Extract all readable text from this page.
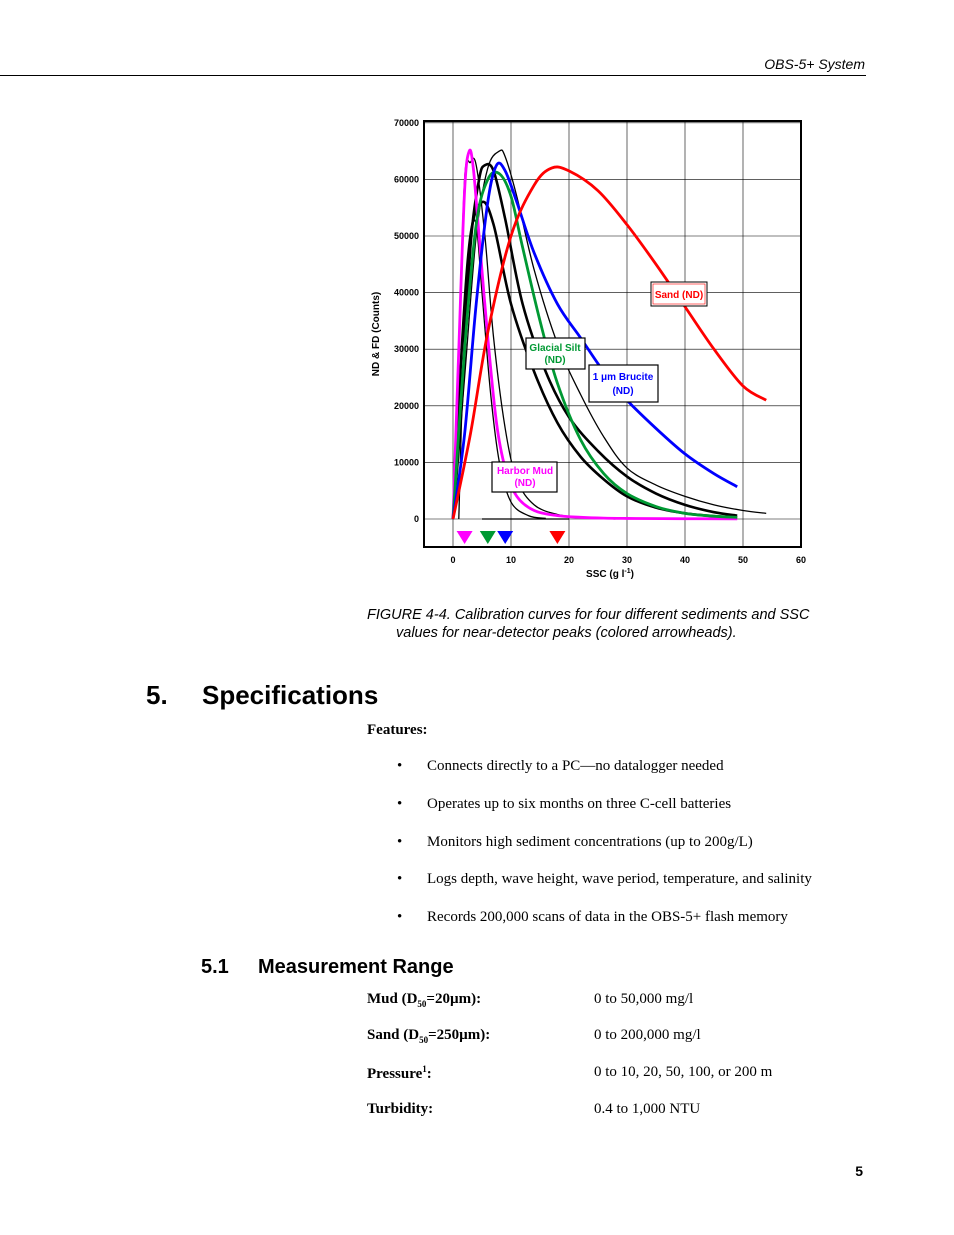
OBS-5+ System
0	10	20	30	40	50	60
0
10000
20000
30000
40000
50000
60000
70000
ND & FD (Counts)
SSC (g $l^{-1}$)
Sand (ND)
Glacial Silt
(ND)
1 μm Brucite
(ND)
Harbor Mud
(ND)
FIGURE 4-4. Calibration curves for four different sediments and SSC
values for near-detector peaks (colored arrowheads).
5. Specifications
Features:
• Connects directly to a PC—no datalogger needed
• Operates up to six months on three C-cell batteries
• Monitors high sediment concentrations (up to 200g/L)
• Logs depth, wave height, wave period, temperature, and salinity
• Records 200,000 scans of data in the OBS-5+ flash memory
5.1 Measurement Range
Mud $(D_{50}=20\mu m)$:	0 to 50,000 mg/l
Sand $(D_{50}=250\mu m)$:	0 to 200,000 mg/l
Pressure$^1$:	0 to 10, 20, 50, 100, or 200 m
Turbidity:	0.4 to 1,000 NTU
5
